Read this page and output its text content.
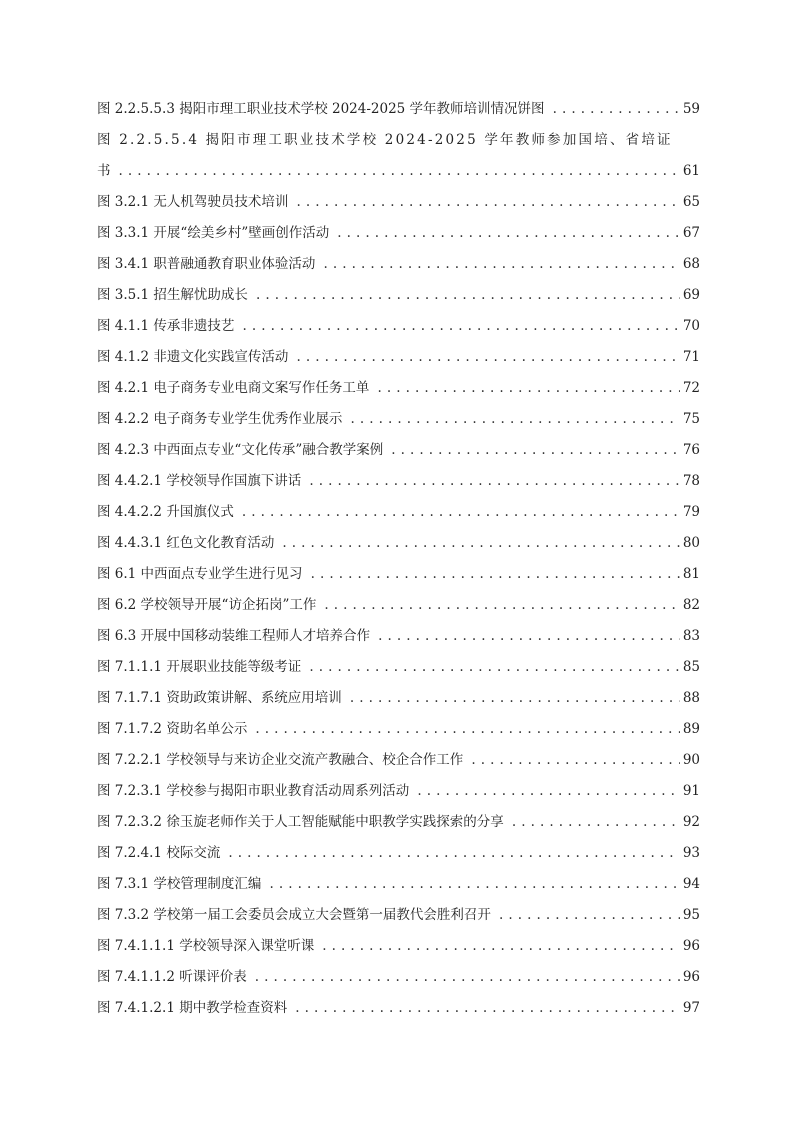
图 2.2.5.5.3 揭阳市理工职业技术学校 2024-2025 学年教师培训情况饼图 . . .	59
图 2.2.5.5.4 揭阳市理工职业技术学校 2024-2025 学年教师参加国培、省培证
书 . . .	61
图 3.2.1 无人机驾驶员技术培训 . . .	65
图 3.3.1 开展“绘美乡村”壁画创作活动 . . .	67
图 3.4.1 职普融通教育职业体验活动 . . .	68
图 3.5.1 招生解忧助成长 . . .	69
图 4.1.1 传承非遗技艺 . . .	70
图 4.1.2 非遗文化实践宣传活动 . . .	71
图 4.2.1 电子商务专业电商文案写作任务工单 . . .	72
图 4.2.2 电子商务专业学生优秀作业展示 . . .	75
图 4.2.3 中西面点专业“文化传承”融合教学案例 . . .	76
图 4.4.2.1 学校领导作国旗下讲话 . . .	78
图 4.4.2.2 升国旗仪式 . . .	79
图 4.4.3.1 红色文化教育活动 . . .	80
图 6.1 中西面点专业学生进行见习 . . .	81
图 6.2 学校领导开展“访企拓岗”工作 . . .	82
图 6.3 开展中国移动装维工程师人才培养合作 . . .	83
图 7.1.1.1 开展职业技能等级考证 . . .	85
图 7.1.7.1 资助政策讲解、系统应用培训 . . .	88
图 7.1.7.2 资助名单公示 . . .	89
图 7.2.2.1 学校领导与来访企业交流产教融合、校企合作工作 . . .	90
图 7.2.3.1 学校参与揭阳市职业教育活动周系列活动 . . .	91
图 7.2.3.2 徐玉旋老师作关于人工智能赋能中职教学实践探索的分享 . . .	92
图 7.2.4.1 校际交流 . . .	93
图 7.3.1 学校管理制度汇编 . . .	94
图 7.3.2 学校第一届工会委员会成立大会暨第一届教代会胜利召开 . . .	95
图 7.4.1.1.1 学校领导深入课堂听课 . . .	96
图 7.4.1.1.2 听课评价表 . . .	96
图 7.4.1.2.1 期中教学检查资料 . . .	97
